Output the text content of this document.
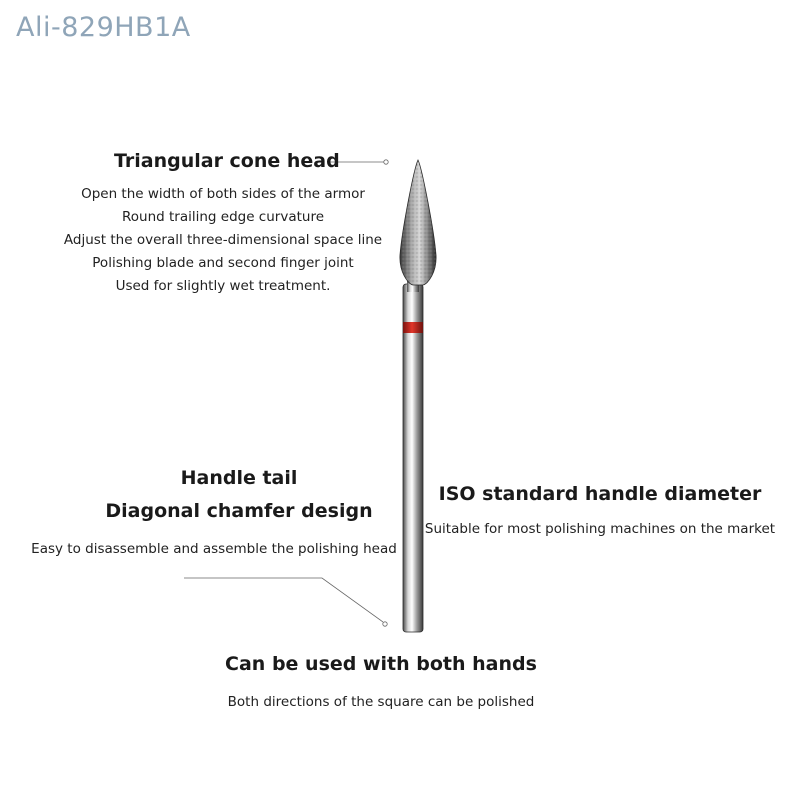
Ali-829HB1A
Triangular cone head
Open the width of both sides of the armor
Round trailing edge curvature
Adjust the overall three-dimensional space line
Polishing blade and second finger joint
Used for slightly wet treatment.
Handle tail
Diagonal chamfer design
Easy to disassemble and assemble the polishing head
ISO standard handle diameter
Suitable for most polishing machines on the market
Can be used with both hands
Both directions of the square can be polished
